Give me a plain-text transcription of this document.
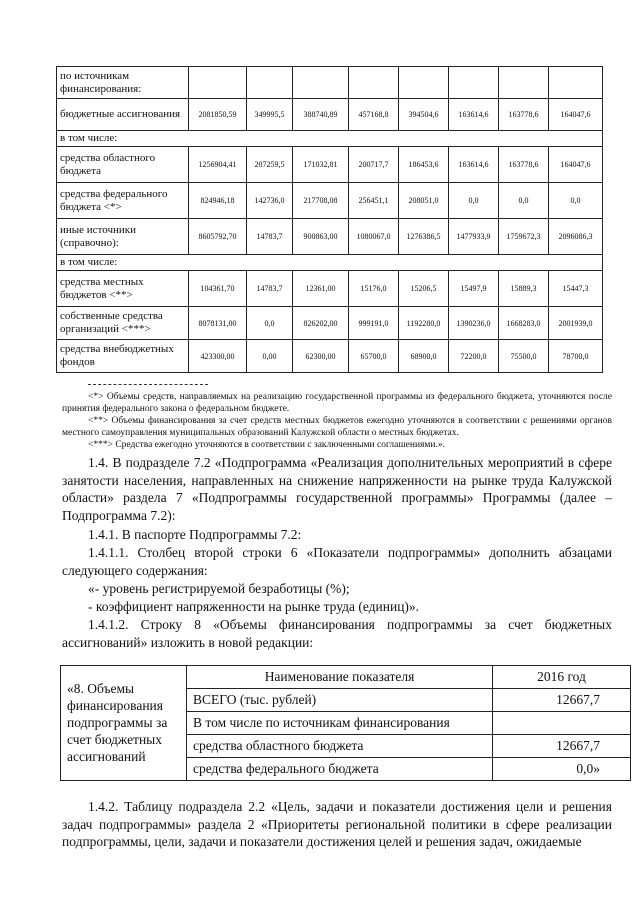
по источникам финансирования:								
бюджетные ассигнования	2081850,59	349995,5	388740,89	457168,8	394504,6	163614,6	163778,6	164047,6
в том числе:								
средства областного бюджета	1256904,41	207259,5	171032,81	200717,7	186453,6	163614,6	163778,6	164047,6
средства федерального бюджета <*>	824946,18	142736,0	217708,08	256451,1	208051,0	0,0	0,0	0,0
иные источники (справочно):	8605792,70	14783,7	900863,00	1080067,0	1276386,5	1477933,9	1759672,3	2096086,3
в том числе:								
средства местных бюджетов <**>	104361,70	14783,7	12361,00	15176,0	15206,5	15497,9	15889,3	15447,3
собственные средства организаций <***>	8078131,00	0,0	826202,00	999191,0	1192280,0	1390236,0	1668283,0	2001939,0
средства внебюджетных фондов	423300,00	0,00	62300,00	65700,0	68900,0	72200,0	75500,0	78700,0

<*> Объемы средств, направляемых на реализацию государственной программы из федерального бюджета, уточняются после принятия федерального закона о федеральном бюджете.

<**> Объемы финансирования за счет средств местных бюджетов ежегодно уточняются в соответствии с решениями органов местного самоуправления муниципальных образований Калужской области о местных бюджетах.

<***> Средства ежегодно уточняются в соответствии с заключенными соглашениями.».

1.4. В подразделе 7.2 «Подпрограмма «Реализация дополнительных мероприятий в сфере занятости населения, направленных на снижение напряженности на рынке труда Калужской области» раздела 7 «Подпрограммы государственной программы» Программы (далее – Подпрограмма 7.2):

1.4.1. В паспорте Подпрограммы 7.2:

1.4.1.1. Столбец второй строки 6 «Показатели подпрограммы» дополнить абзацами следующего содержания:

«- уровень регистрируемой безработицы (%);

- коэффициент напряженности на рынке труда (единиц)».

1.4.1.2. Строку 8 «Объемы финансирования подпрограммы за счет бюджетных ассигнований» изложить в новой редакции:

«8. Объемы финансирования подпрограммы за счет бюджетных ассигнований	Наименование показателя	2016 год
	ВСЕГО (тыс. рублей)	12667,7
	В том числе по источникам финансирования	
	средства областного бюджета	12667,7
	средства федерального бюджета	0,0»

1.4.2. Таблицу подраздела 2.2 «Цель, задачи и показатели достижения цели и решения задач подпрограммы» раздела 2 «Приоритеты региональной политики в сфере реализации подпрограммы, цели, задачи и показатели достижения целей и решения задач, ожидаемые
